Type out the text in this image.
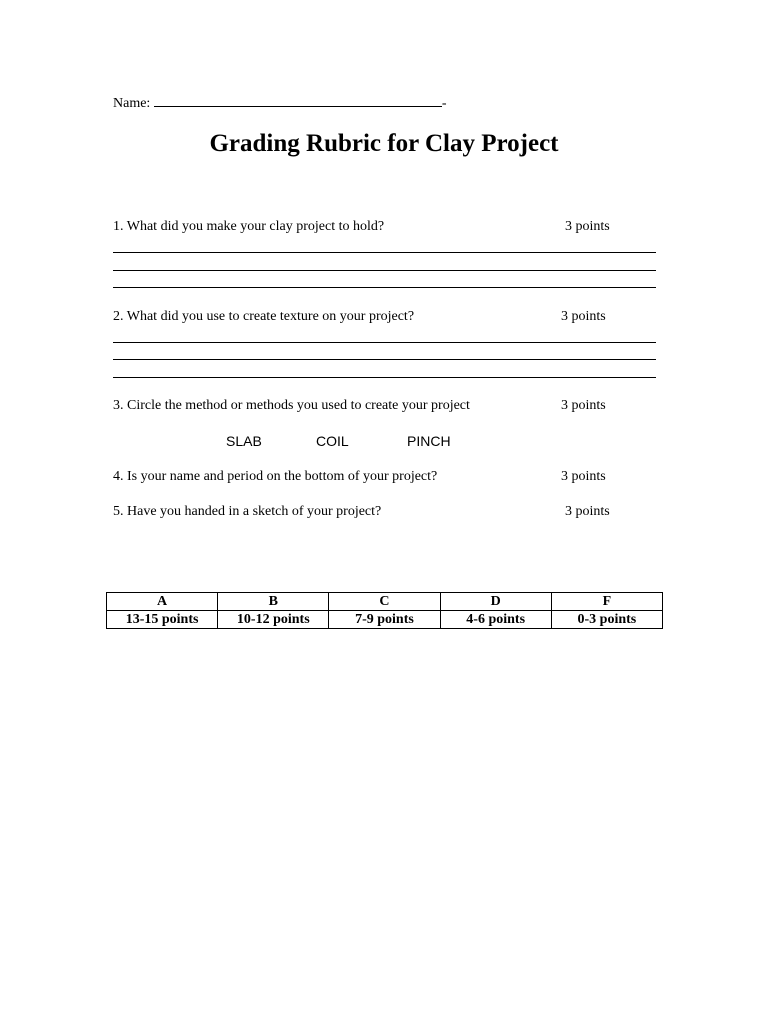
Name:	-
Grading Rubric for Clay Project
1. What did you make your clay project to hold?	3 points
2. What did you use to create texture on your project?	3 points
3. Circle the method or methods you used to create your project	3 points
SLAB	COIL	PINCH
4. Is your name and period on the bottom of your project?	3 points
5. Have you handed in a sketch of your project?	3 points
A	B	C	D	F
13-15 points	10-12 points	7-9 points	4-6 points	0-3 points
